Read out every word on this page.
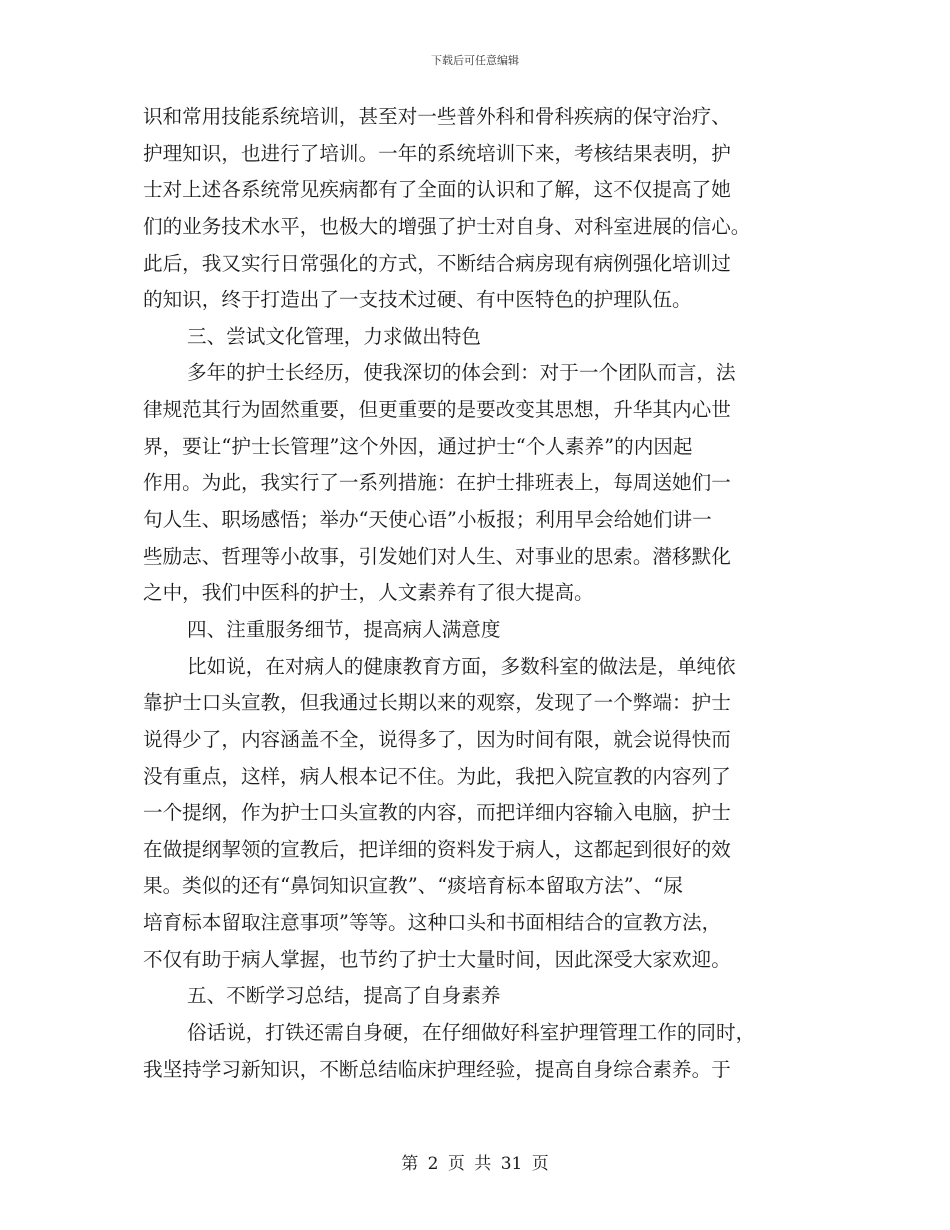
下载后可任意编辑
识和常用技能系统培训，甚至对一些普外科和骨科疾病的保守治疗、
护理知识，也进行了培训。一年的系统培训下来，考核结果表明，护
士对上述各系统常见疾病都有了全面的认识和了解，这不仅提高了她
们的业务技术水平，也极大的增强了护士对自身、对科室进展的信心。
此后，我又实行日常强化的方式，不断结合病房现有病例强化培训过
的知识，终于打造出了一支技术过硬、有中医特色的护理队伍。
三、尝试文化管理，力求做出特色
多年的护士长经历，使我深切的体会到：对于一个团队而言，法
律规范其行为固然重要，但更重要的是要改变其思想，升华其内心世
界，要让“护士长管理”这个外因，通过护士“个人素养”的内因起
作用。为此，我实行了一系列措施：在护士排班表上，每周送她们一
句人生、职场感悟；举办“天使心语”小板报；利用早会给她们讲一
些励志、哲理等小故事，引发她们对人生、对事业的思索。潜移默化
之中，我们中医科的护士，人文素养有了很大提高。
四、注重服务细节，提高病人满意度
比如说，在对病人的健康教育方面，多数科室的做法是，单纯依
靠护士口头宣教，但我通过长期以来的观察，发现了一个弊端：护士
说得少了，内容涵盖不全，说得多了，因为时间有限，就会说得快而
没有重点，这样，病人根本记不住。为此，我把入院宣教的内容列了
一个提纲，作为护士口头宣教的内容，而把详细内容输入电脑，护士
在做提纲挈领的宣教后，把详细的资料发于病人，这都起到很好的效
果。类似的还有“鼻饲知识宣教”、“痰培育标本留取方法”、“尿
培育标本留取注意事项”等等。这种口头和书面相结合的宣教方法，
不仅有助于病人掌握，也节约了护士大量时间，因此深受大家欢迎。
五、不断学习总结，提高了自身素养
俗话说，打铁还需自身硬，在仔细做好科室护理管理工作的同时，
我坚持学习新知识，不断总结临床护理经验，提高自身综合素养。于
第 2 页 共 31 页
